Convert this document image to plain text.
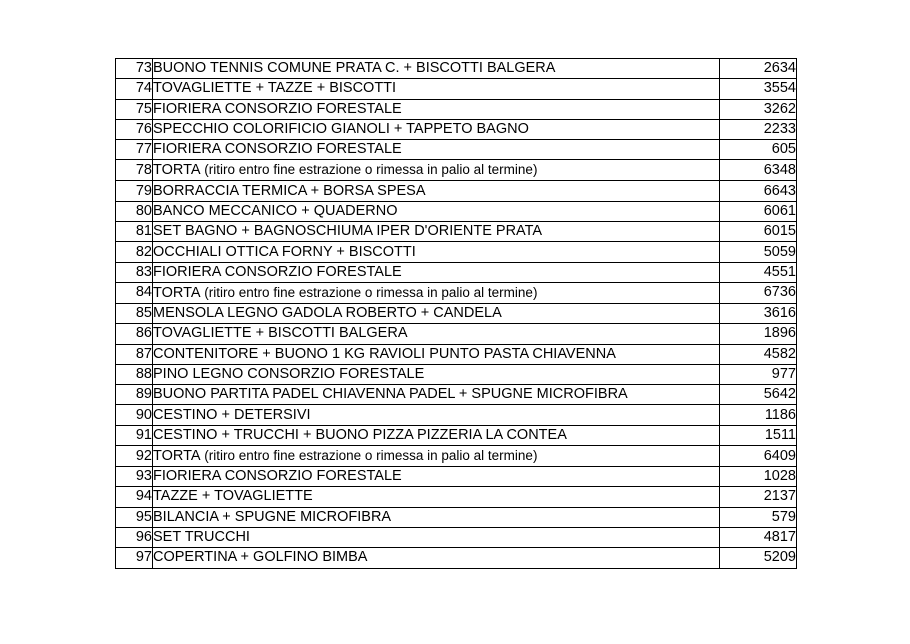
73	BUONO TENNIS COMUNE PRATA C. + BISCOTTI BALGERA	2634
74	TOVAGLIETTE + TAZZE + BISCOTTI	3554
75	FIORIERA CONSORZIO FORESTALE	3262
76	SPECCHIO COLORIFICIO GIANOLI + TAPPETO BAGNO	2233
77	FIORIERA CONSORZIO FORESTALE	605
78	TORTA (ritiro entro fine estrazione o rimessa in palio al termine)	6348
79	BORRACCIA TERMICA + BORSA SPESA	6643
80	BANCO MECCANICO + QUADERNO	6061
81	SET BAGNO + BAGNOSCHIUMA IPER D'ORIENTE PRATA	6015
82	OCCHIALI OTTICA FORNY + BISCOTTI	5059
83	FIORIERA CONSORZIO FORESTALE	4551
84	TORTA (ritiro entro fine estrazione o rimessa in palio al termine)	6736
85	MENSOLA LEGNO GADOLA ROBERTO + CANDELA	3616
86	TOVAGLIETTE + BISCOTTI BALGERA	1896
87	CONTENITORE + BUONO 1 KG RAVIOLI PUNTO PASTA CHIAVENNA	4582
88	PINO LEGNO CONSORZIO FORESTALE	977
89	BUONO PARTITA PADEL CHIAVENNA PADEL + SPUGNE MICROFIBRA	5642
90	CESTINO + DETERSIVI	1186
91	CESTINO + TRUCCHI + BUONO PIZZA PIZZERIA LA CONTEA	1511
92	TORTA (ritiro entro fine estrazione o rimessa in palio al termine)	6409
93	FIORIERA CONSORZIO FORESTALE	1028
94	TAZZE + TOVAGLIETTE	2137
95	BILANCIA + SPUGNE MICROFIBRA	579
96	SET TRUCCHI	4817
97	COPERTINA + GOLFINO BIMBA	5209
